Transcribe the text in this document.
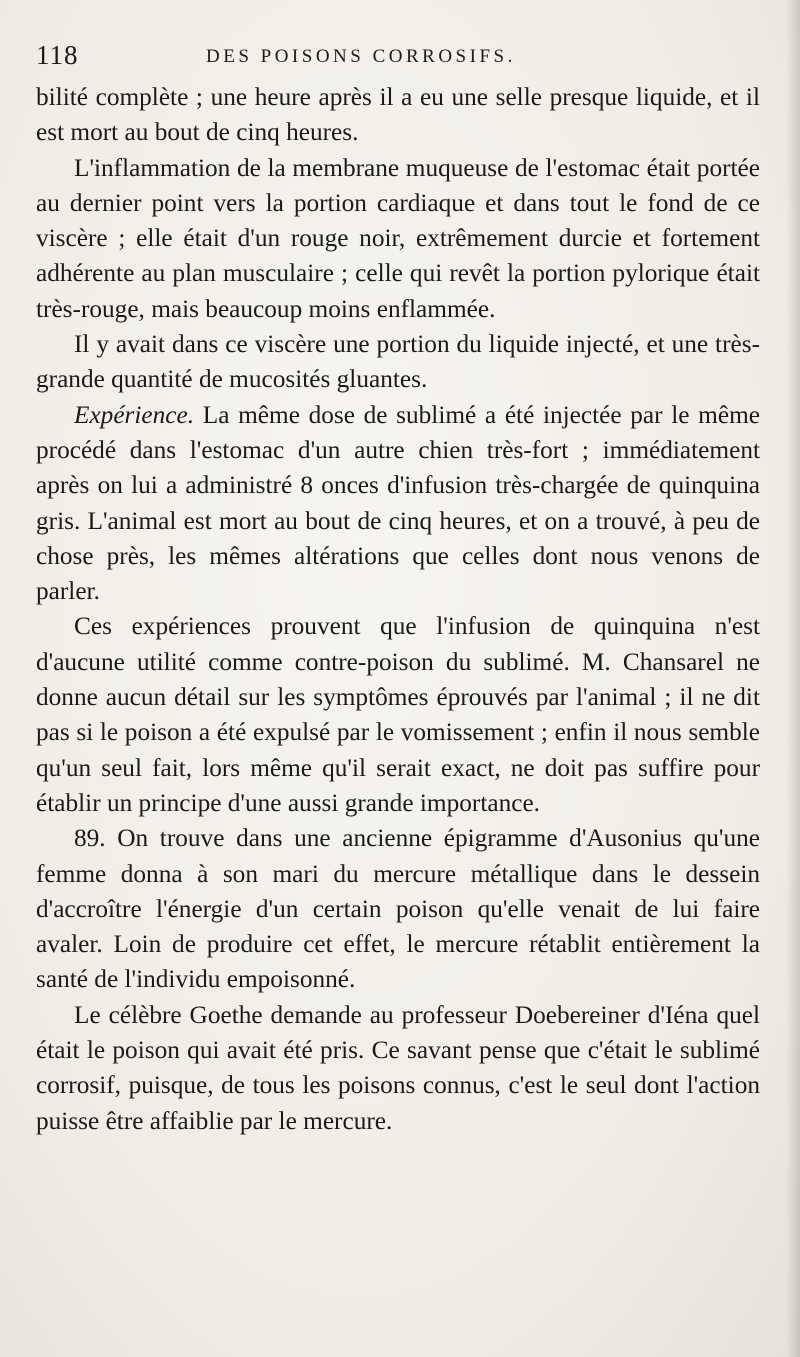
118	DES POISONS CORROSIFS.

bilité complète ; une heure après il a eu une selle presque liquide, et il est mort au bout de cinq heures.

L'inflammation de la membrane muqueuse de l'estomac était portée au dernier point vers la portion cardiaque et dans tout le fond de ce viscère ; elle était d'un rouge noir, extrêmement durcie et fortement adhérente au plan musculaire ; celle qui revêt la portion pylorique était très-rouge, mais beaucoup moins enflammée.

Il y avait dans ce viscère une portion du liquide injecté, et une très-grande quantité de mucosités gluantes.

Expérience. La même dose de sublimé a été injectée par le même procédé dans l'estomac d'un autre chien très-fort ; immédiatement après on lui a administré 8 onces d'infusion très-chargée de quinquina gris. L'animal est mort au bout de cinq heures, et on a trouvé, à peu de chose près, les mêmes altérations que celles dont nous venons de parler.

Ces expériences prouvent que l'infusion de quinquina n'est d'aucune utilité comme contre-poison du sublimé. M. Chansarel ne donne aucun détail sur les symptômes éprouvés par l'animal ; il ne dit pas si le poison a été expulsé par le vomissement ; enfin il nous semble qu'un seul fait, lors même qu'il serait exact, ne doit pas suffire pour établir un principe d'une aussi grande importance.

89. On trouve dans une ancienne épigramme d'Ausonius qu'une femme donna à son mari du mercure métallique dans le dessein d'accroître l'énergie d'un certain poison qu'elle venait de lui faire avaler. Loin de produire cet effet, le mercure rétablit entièrement la santé de l'individu empoisonné.

Le célèbre Goethe demande au professeur Doebereiner d'Iéna quel était le poison qui avait été pris. Ce savant pense que c'était le sublimé corrosif, puisque, de tous les poisons connus, c'est le seul dont l'action puisse être affaiblie par le mercure.
